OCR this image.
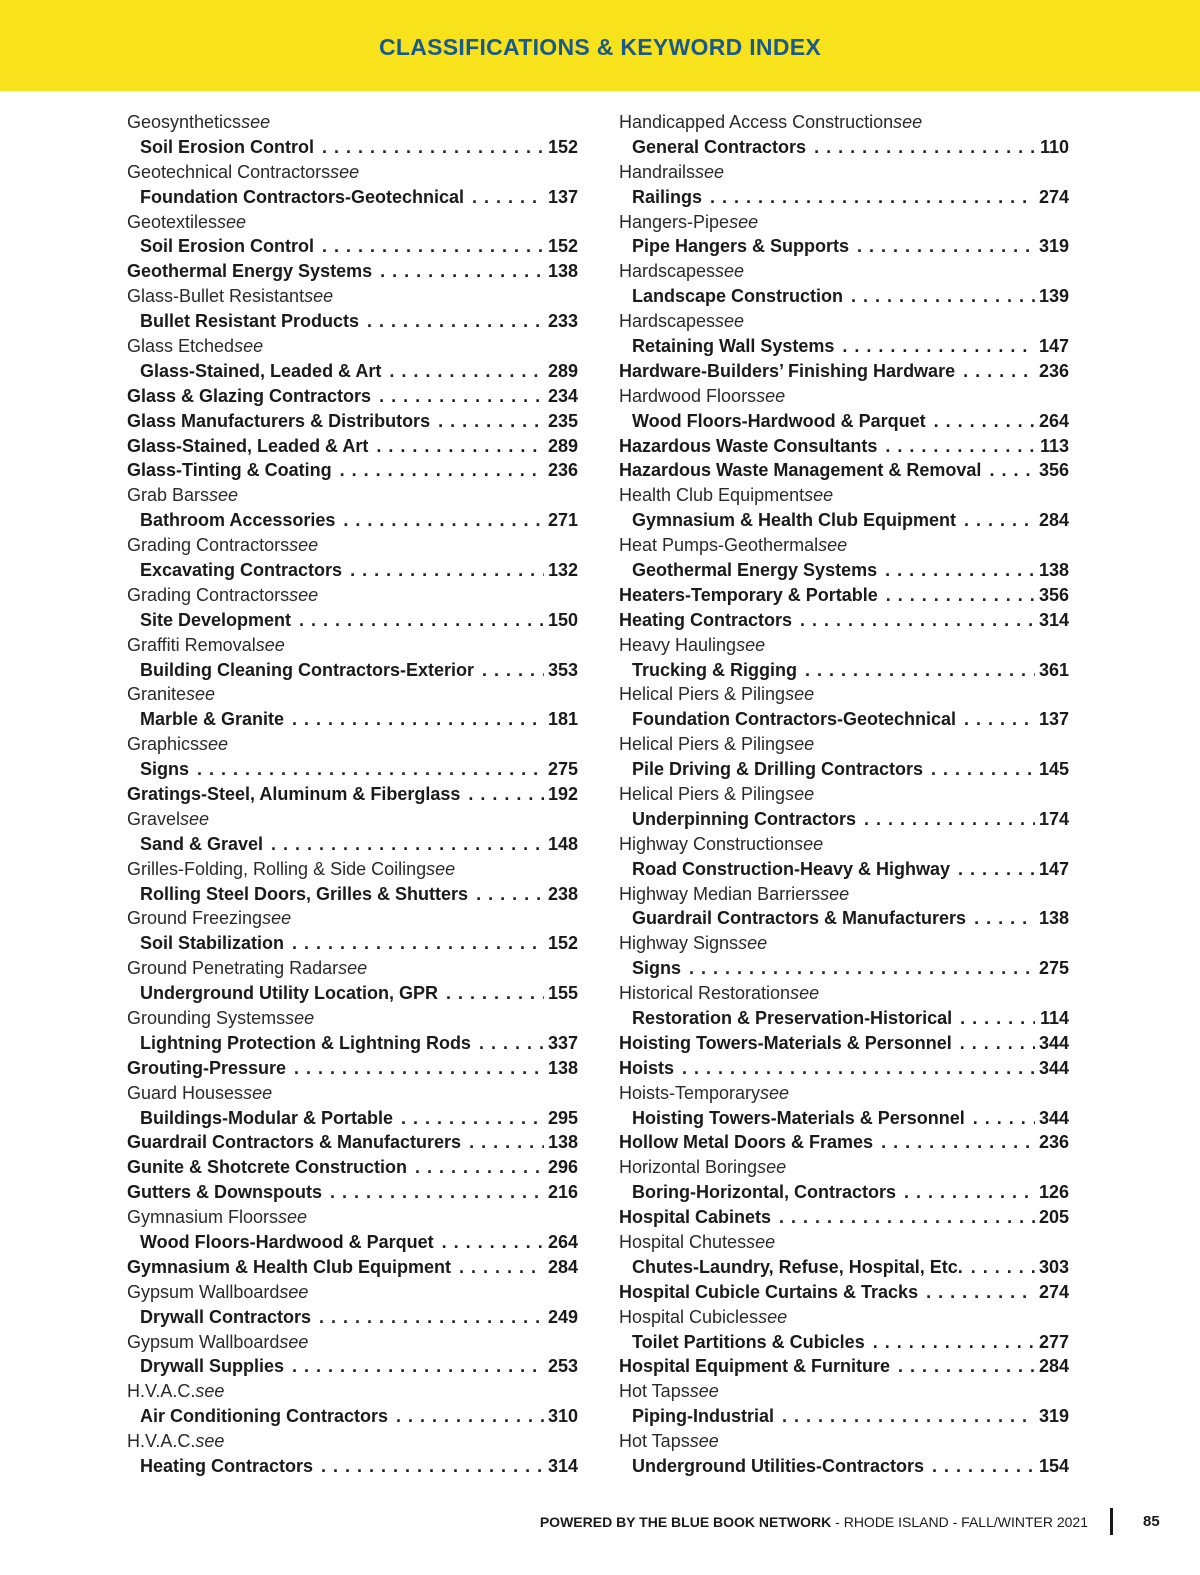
CLASSIFICATIONS & KEYWORD INDEX
Geosynthetics see
Soil Erosion Control . . .	152
Geotechnical Contractors see
Foundation Contractors-Geotechnical . . .	137
Geotextiles see
Soil Erosion Control . . .	152
Geothermal Energy Systems . . .	138
Glass-Bullet Resistant see
Bullet Resistant Products . . .	233
Glass Etched see
Glass-Stained, Leaded & Art . . .	289
Glass & Glazing Contractors . . .	234
Glass Manufacturers & Distributors . . .	235
Glass-Stained, Leaded & Art . . .	289
Glass-Tinting & Coating . . .	236
Grab Bars see
Bathroom Accessories . . .	271
Grading Contractors see
Excavating Contractors . . .	132
Grading Contractors see
Site Development . . .	150
Graffiti Removal see
Building Cleaning Contractors-Exterior . . .	353
Granite see
Marble & Granite . . .	181
Graphics see
Signs . . .	275
Gratings-Steel, Aluminum & Fiberglass . . .	192
Gravel see
Sand & Gravel . . .	148
Grilles-Folding, Rolling & Side Coiling see
Rolling Steel Doors, Grilles & Shutters . . .	238
Ground Freezing see
Soil Stabilization . . .	152
Ground Penetrating Radar see
Underground Utility Location, GPR . . .	155
Grounding Systems see
Lightning Protection & Lightning Rods . . .	337
Grouting-Pressure . . .	138
Guard Houses see
Buildings-Modular & Portable . . .	295
Guardrail Contractors & Manufacturers . . .	138
Gunite & Shotcrete Construction . . .	296
Gutters & Downspouts . . .	216
Gymnasium Floors see
Wood Floors-Hardwood & Parquet . . .	264
Gymnasium & Health Club Equipment . . .	284
Gypsum Wallboard see
Drywall Contractors . . .	249
Gypsum Wallboard see
Drywall Supplies . . .	253
H.V.A.C. see
Air Conditioning Contractors . . .	310
H.V.A.C. see
Heating Contractors . . .	314
Handicapped Access Construction see
General Contractors . . .	110
Handrails see
Railings . . .	274
Hangers-Pipe see
Pipe Hangers & Supports . . .	319
Hardscapes see
Landscape Construction . . .	139
Hardscapes see
Retaining Wall Systems . . .	147
Hardware-Builders’ Finishing Hardware . . .	236
Hardwood Floors see
Wood Floors-Hardwood & Parquet . . .	264
Hazardous Waste Consultants . . .	113
Hazardous Waste Management & Removal . . .	356
Health Club Equipment see
Gymnasium & Health Club Equipment . . .	284
Heat Pumps-Geothermal see
Geothermal Energy Systems . . .	138
Heaters-Temporary & Portable . . .	356
Heating Contractors . . .	314
Heavy Hauling see
Trucking & Rigging . . .	361
Helical Piers & Piling see
Foundation Contractors-Geotechnical . . .	137
Helical Piers & Piling see
Pile Driving & Drilling Contractors . . .	145
Helical Piers & Piling see
Underpinning Contractors . . .	174
Highway Construction see
Road Construction-Heavy & Highway . . .	147
Highway Median Barriers see
Guardrail Contractors & Manufacturers . . .	138
Highway Signs see
Signs . . .	275
Historical Restoration see
Restoration & Preservation-Historical . . .	114
Hoisting Towers-Materials & Personnel . . .	344
Hoists . . .	344
Hoists-Temporary see
Hoisting Towers-Materials & Personnel . . .	344
Hollow Metal Doors & Frames . . .	236
Horizontal Boring see
Boring-Horizontal, Contractors . . .	126
Hospital Cabinets . . .	205
Hospital Chutes see
Chutes-Laundry, Refuse, Hospital, Etc. . . .	303
Hospital Cubicle Curtains & Tracks . . .	274
Hospital Cubicles see
Toilet Partitions & Cubicles . . .	277
Hospital Equipment & Furniture . . .	284
Hot Taps see
Piping-Industrial . . .	319
Hot Taps see
Underground Utilities-Contractors . . .	154
POWERED BY THE BLUE BOOK NETWORK - RHODE ISLAND - FALL/WINTER 2021	85
